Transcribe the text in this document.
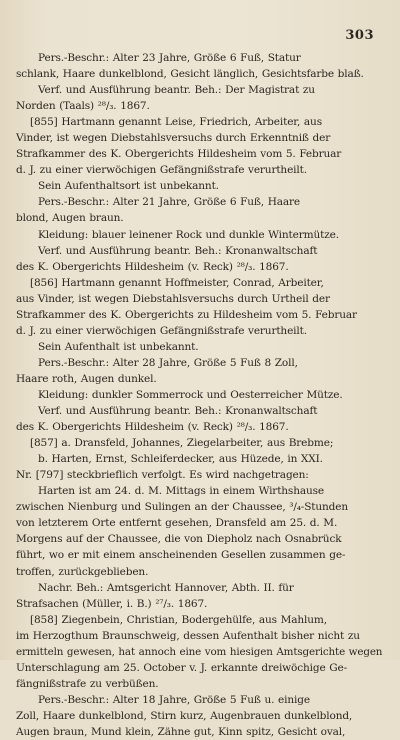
303
Pers.-Beschr.: Alter 23 Jahre, Größe 6 Fuß, Statur
schlank, Haare dunkelblond, Gesicht länglich, Gesichtsfarbe blaß.
Verf. und Ausführung beantr. Beh.: Der Magistrat zu
Norden (Taals) ²⁸/₃. 1867.
[855] Hartmann genannt Leise, Friedrich, Arbeiter, aus
Vinder, ist wegen Diebstahlsversuchs durch Erkenntniß der
Strafkammer des K. Obergerichts Hildesheim vom 5. Februar
d. J. zu einer vierwöchigen Gefängnißstrafe verurtheilt.
Sein Aufenthaltsort ist unbekannt.
Pers.-Beschr.: Alter 21 Jahre, Größe 6 Fuß, Haare
blond, Augen braun.
Kleidung: blauer leinener Rock und dunkle Wintermütze.
Verf. und Ausführung beantr. Beh.: Kronanwaltschaft
des K. Obergerichts Hildesheim (v. Reck) ²⁸/₃. 1867.
[856] Hartmann genannt Hoffmeister, Conrad, Arbeiter,
aus Vinder, ist wegen Diebstahlsversuchs durch Urtheil der
Strafkammer des K. Obergerichts zu Hildesheim vom 5. Februar
d. J. zu einer vierwöchigen Gefängnißstrafe verurtheilt.
Sein Aufenthalt ist unbekannt.
Pers.-Beschr.: Alter 28 Jahre, Größe 5 Fuß 8 Zoll,
Haare roth, Augen dunkel.
Kleidung: dunkler Sommerrock und Oesterreicher Mütze.
Verf. und Ausführung beantr. Beh.: Kronanwaltschaft
des K. Obergerichts Hildesheim (v. Reck) ²⁸/₃. 1867.
[857] a. Dransfeld, Johannes, Ziegelarbeiter, aus Brebme;
b. Harten, Ernst, Schleiferdecker, aus Hüzede, in XXI.
Nr. [797] steckbrieflich verfolgt. Es wird nachgetragen:
Harten ist am 24. d. M. Mittags in einem Wirthshause
zwischen Nienburg und Sulingen an der Chaussee, ³/₄-Stunden
von letzterem Orte entfernt gesehen, Dransfeld am 25. d. M.
Morgens auf der Chaussee, die von Diepholz nach Osnabrück
führt, wo er mit einem anscheinenden Gesellen zusammen ge-
troffen, zurückgeblieben.
Nachr. Beh.: Amtsgericht Hannover, Abth. II. für
Strafsachen (Müller, i. B.) ²⁷/₃. 1867.
[858] Ziegenbein, Christian, Bodergehülfe, aus Mahlum,
im Herzogthum Braunschweig, dessen Aufenthalt bisher nicht zu
ermitteln gewesen, hat annoch eine vom hiesigen Amtsgerichte wegen
Unterschlagung am 25. October v. J. erkannte dreiwöchige Ge-
fängnißstrafe zu verbüßen.
Pers.-Beschr.: Alter 18 Jahre, Größe 5 Fuß u. einige
Zoll, Haare dunkelblond, Stirn kurz, Augenbrauen dunkelblond,
Augen braun, Mund klein, Zähne gut, Kinn spitz, Gesicht oval,
